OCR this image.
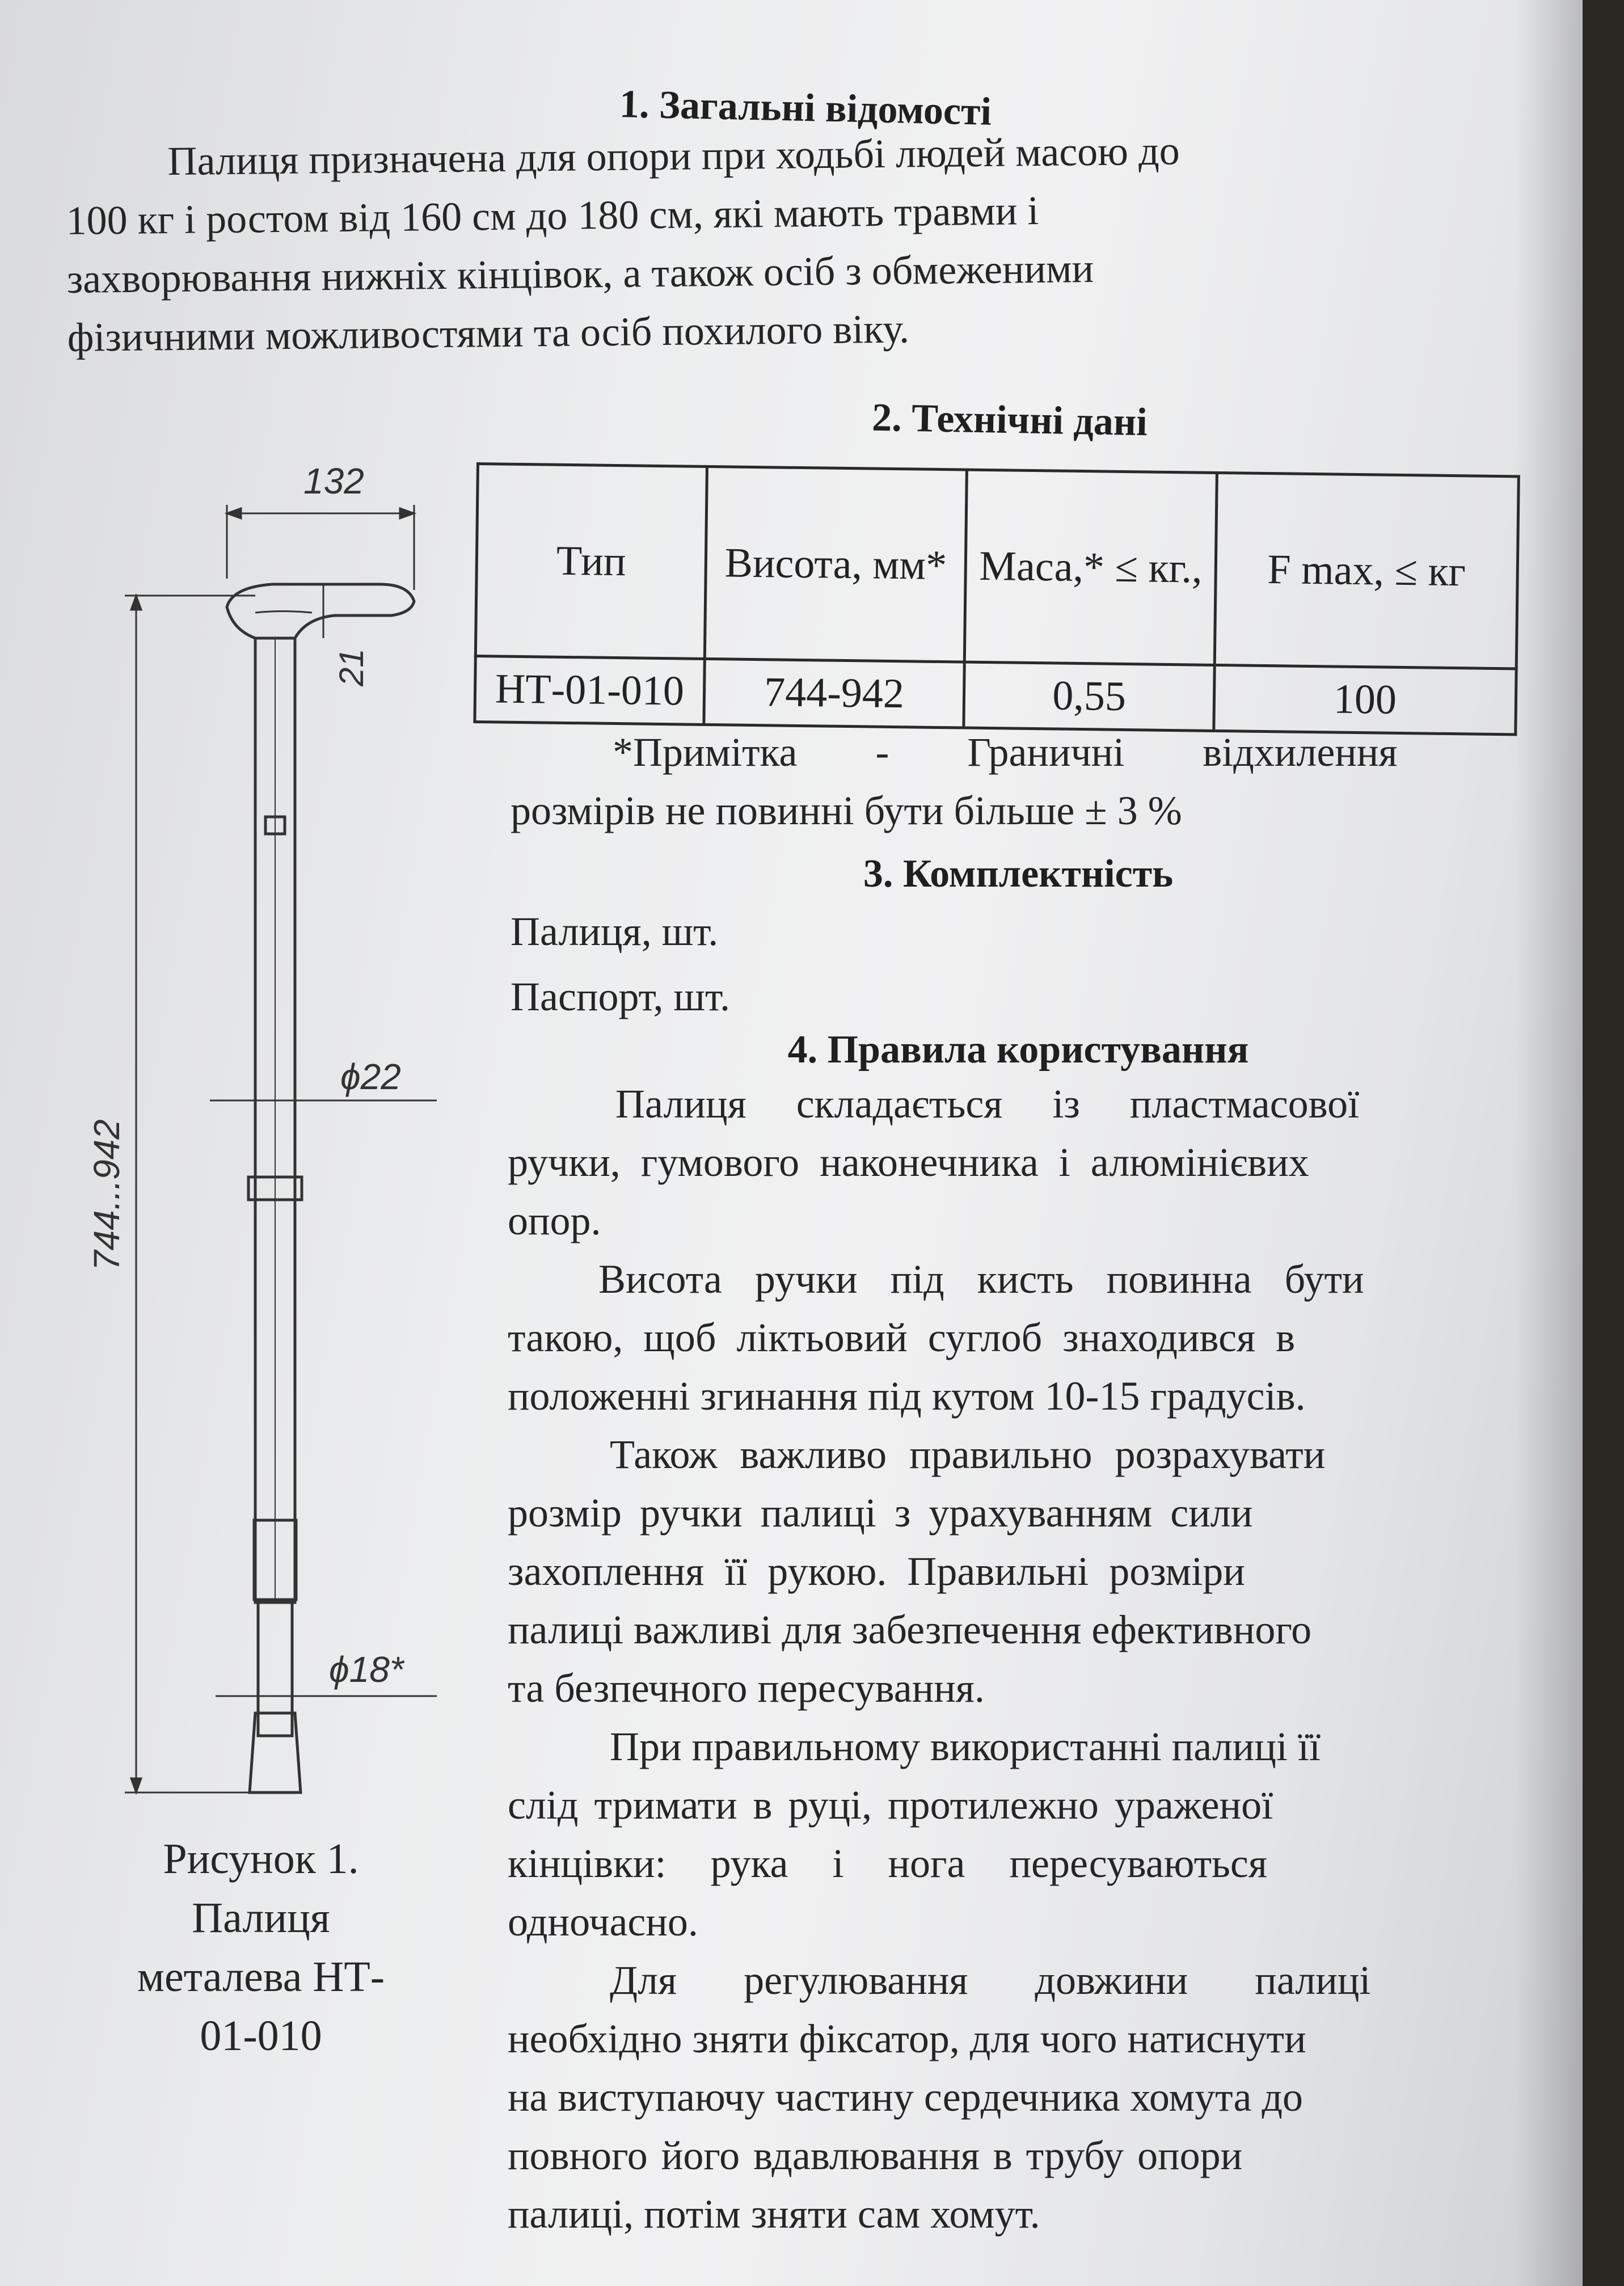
1. Загальні відомості
Палиця призначена для опори при ходьбі людей масою до
100 кг і ростом від 160 см до 180 см, які мають травми і
захворювання нижніх кінцівок, а також осіб з обмеженими
фізичними можливостями та осіб похилого віку.
2. Технічні дані
Тип	Висота, мм*	Маса,* ≤ кг.,	F max, ≤ кг
НТ-01-010	744-942	0,55	100
*Примітка - Граничні відхилення
розмірів не повинні бути більше ± 3 %
3. Комплектність
Палиця, шт.
Паспорт, шт.
4. Правила користування
Палиця складається із пластмасової
ручки, гумового наконечника і алюмінієвих
опор.
Висота ручки під кисть повинна бути
такою, щоб ліктьовий суглоб знаходився в
положенні згинання під кутом 10-15 градусів.
Також важливо правильно розрахувати
розмір ручки палиці з урахуванням сили
захоплення її рукою. Правильні розміри
палиці важливі для забезпечення ефективного
та безпечного пересування.
При правильному використанні палиці її
слід тримати в руці, протилежно ураженої
кінцівки: рука і нога пересуваються
одночасно.
Для регулювання довжини палиці
необхідно зняти фіксатор, для чого натиснути
на виступаючу частину сердечника хомута до
повного його вдавлювання в трубу опори
палиці, потім зняти сам хомут.
132
21
ϕ22
ϕ18*
744...942
Рисунок 1.
Палиця
металева НТ-
01-010
